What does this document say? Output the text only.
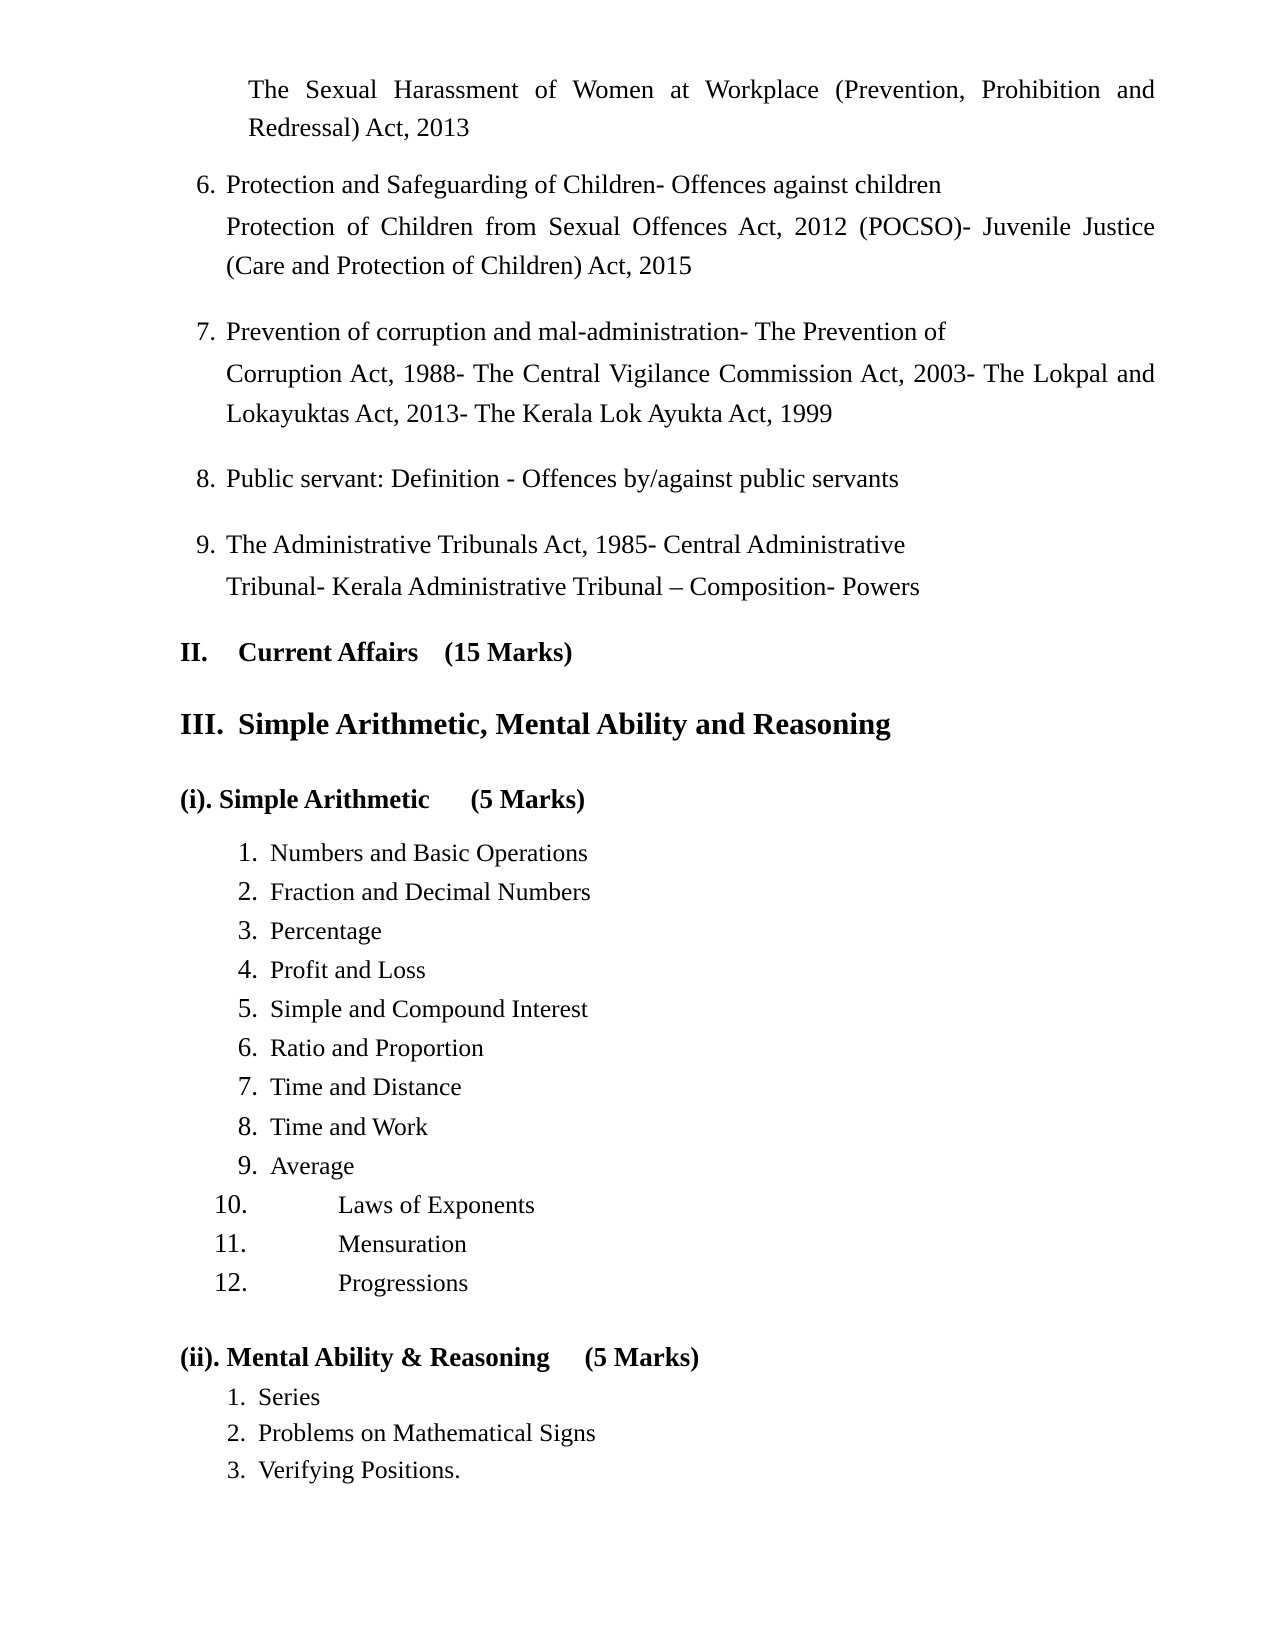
The Sexual Harassment of Women at Workplace (Prevention, Prohibition and Redressal) Act, 2013

6. Protection and Safeguarding of Children- Offences against children
Protection of Children from Sexual Offences Act, 2012 (POCSO)- Juvenile Justice (Care and Protection of Children) Act, 2015
7. Prevention of corruption and mal-administration- The Prevention of
Corruption Act, 1988- The Central Vigilance Commission Act, 2003- The Lokpal and Lokayuktas Act, 2013- The Kerala Lok Ayukta Act, 1999
8. Public servant: Definition - Offences by/against public servants
9. The Administrative Tribunals Act, 1985- Central Administrative
Tribunal- Kerala Administrative Tribunal – Composition- Powers
II.	Current Affairs (15 Marks)
III. Simple Arithmetic, Mental Ability and Reasoning
(i). Simple Arithmetic (5 Marks)
1. Numbers and Basic Operations
2. Fraction and Decimal Numbers
3. Percentage
4. Profit and Loss
5. Simple and Compound Interest
6. Ratio and Proportion
7. Time and Distance
8. Time and Work
9. Average
10.	Laws of Exponents
11.	Mensuration
12.	Progressions
(ii). Mental Ability & Reasoning (5 Marks)
1. Series
2. Problems on Mathematical Signs
3. Verifying Positions.
